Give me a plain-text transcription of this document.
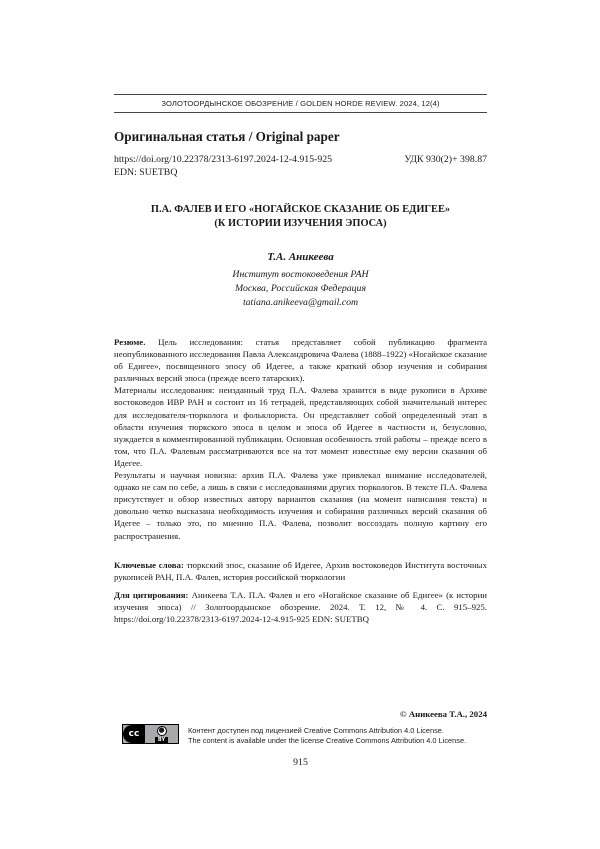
ЗОЛОТООРДЫНСКОЕ ОБОЗРЕНИЕ / GOLDEN HORDE REVIEW. 2024, 12(4)
Оригинальная статья / Original paper
https://doi.org/10.22378/2313-6197.2024-12-4.915-925	УДК 930(2)+ 398.87
EDN: SUETBQ
П.А. ФАЛЕВ И ЕГО «НОГАЙСКОЕ СКАЗАНИЕ ОБ ЕДИГЕЕ»
(К ИСТОРИИ ИЗУЧЕНИЯ ЭПОСА)
Т.А. Аникеева
Институт востоковедения РАН
Москва, Российская Федерация
tatiana.anikeeva@gmail.com

Резюме. Цель исследования: статья представляет собой публикацию фрагмента неопубликованного исследования Павла Александровича Фалева (1888–1922) «Ногайское сказание об Едигее», посвященного эпосу об Идегее, а также краткий обзор изучения и собирания различных версий эпоса (прежде всего татарских).

Материалы исследования: неизданный труд П.А. Фалева хранится в виде рукописи в Архиве востоковедов ИВР РАН и состоит из 16 тетрадей, представляющих собой значительный интерес для исследователя-тюрколога и фольклориста. Он представляет собой определенный этап в области изучения тюркского эпоса в целом и эпоса об Идегее в частности и, безусловно, нуждается в комментированной публикации. Основная особенность этой работы – прежде всего в том, что П.А. Фалевым рассматриваются все на тот момент известные ему версии сказания об Идегее.

Результаты и научная новизна: архив П.А. Фалева уже привлекал внимание исследователей, однако не сам по себе, а лишь в связи с исследованиями других тюркологов. В тексте П.А. Фалева присутствует и обзор известных автору вариантов сказания (на момент написания текста) и довольно четко высказана необходимость изучения и собирания различных версий сказания об Идегее – только это, по мнению П.А. Фалева, позволит воссоздать полную картину его распространения.

Ключевые слова: тюркский эпос, сказание об Идегее, Архив востоковедов Института восточных рукописей РАН, П.А. Фалев, история российской тюркологии

Для цитирования: Аникеева Т.А. П.А. Фалев и его «Ногайское сказание об Едигее» (к истории изучения эпоса) // Золотоордынское обозрение. 2024. Т. 12, № 4. С. 915–925. https://doi.org/10.22378/2313-6197.2024-12-4.915-925 EDN: SUETBQ

© Аникеева Т.А., 2024
cc	●
BY
Контент доступен под лицензией Creative Commons Attribution 4.0 License.
The content is available under the license Creative Commons Attribution 4.0 License.
915
